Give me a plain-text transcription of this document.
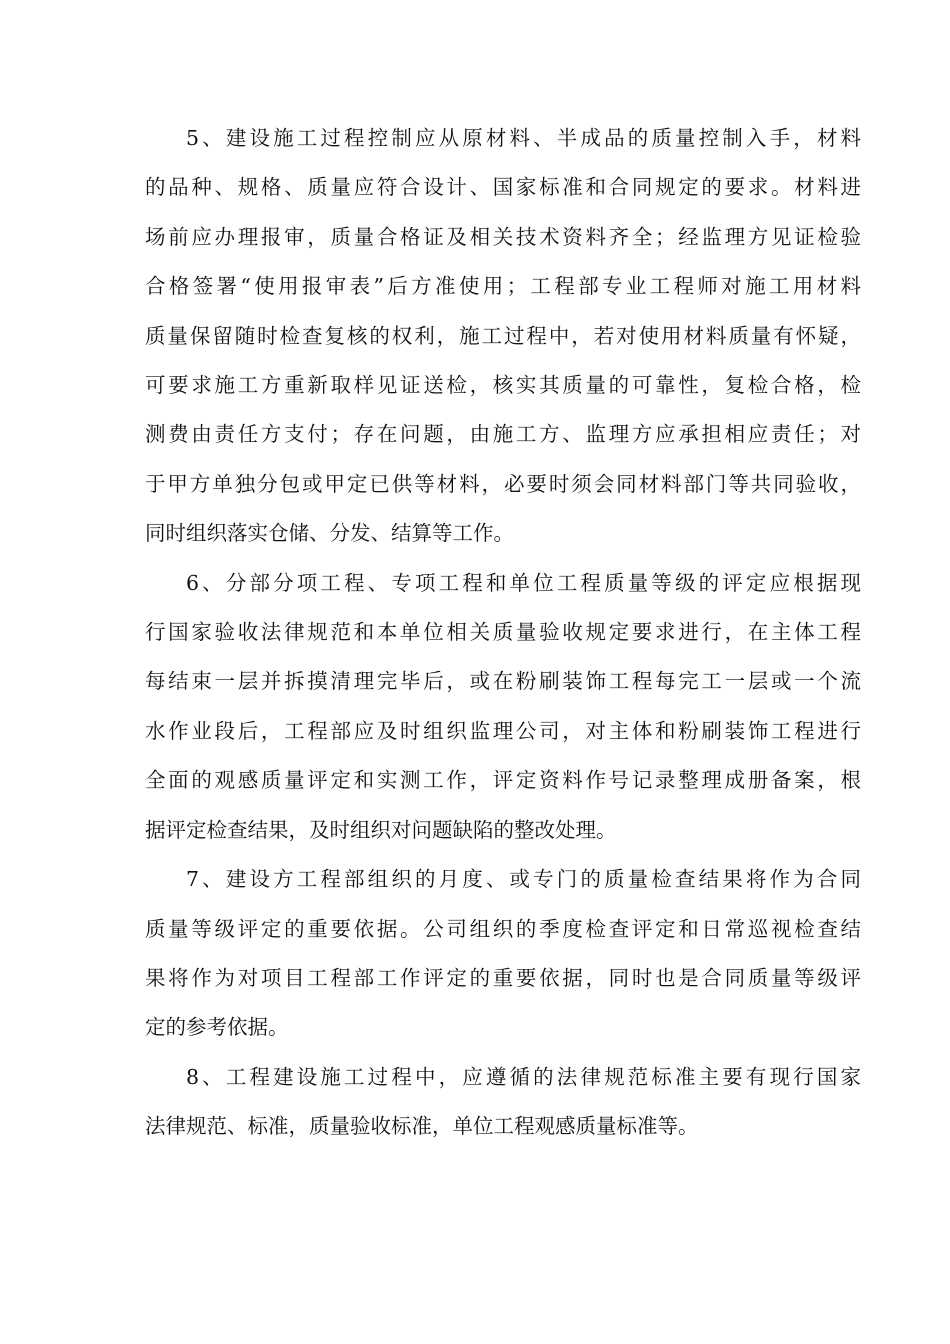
5、建设施工过程控制应从原材料、半成品的质量控制入手，材料
的品种、规格、质量应符合设计、国家标准和合同规定的要求。材料进
场前应办理报审，质量合格证及相关技术资料齐全；经监理方见证检验
合格签署“使用报审表”后方准使用；工程部专业工程师对施工用材料
质量保留随时检查复核的权利，施工过程中，若对使用材料质量有怀疑，
可要求施工方重新取样见证送检，核实其质量的可靠性，复检合格，检
测费由责任方支付；存在问题，由施工方、监理方应承担相应责任；对
于甲方单独分包或甲定已供等材料，必要时须会同材料部门等共同验收，
同时组织落实仓储、分发、结算等工作。

6、分部分项工程、专项工程和单位工程质量等级的评定应根据现
行国家验收法律规范和本单位相关质量验收规定要求进行，在主体工程
每结束一层并拆摸清理完毕后，或在粉刷装饰工程每完工一层或一个流
水作业段后，工程部应及时组织监理公司，对主体和粉刷装饰工程进行
全面的观感质量评定和实测工作，评定资料作号记录整理成册备案，根
据评定检查结果，及时组织对问题缺陷的整改处理。

7、建设方工程部组织的月度、或专门的质量检查结果将作为合同
质量等级评定的重要依据。公司组织的季度检查评定和日常巡视检查结
果将作为对项目工程部工作评定的重要依据，同时也是合同质量等级评
定的参考依据。

8、工程建设施工过程中，应遵循的法律规范标准主要有现行国家
法律规范、标准，质量验收标准，单位工程观感质量标准等。
